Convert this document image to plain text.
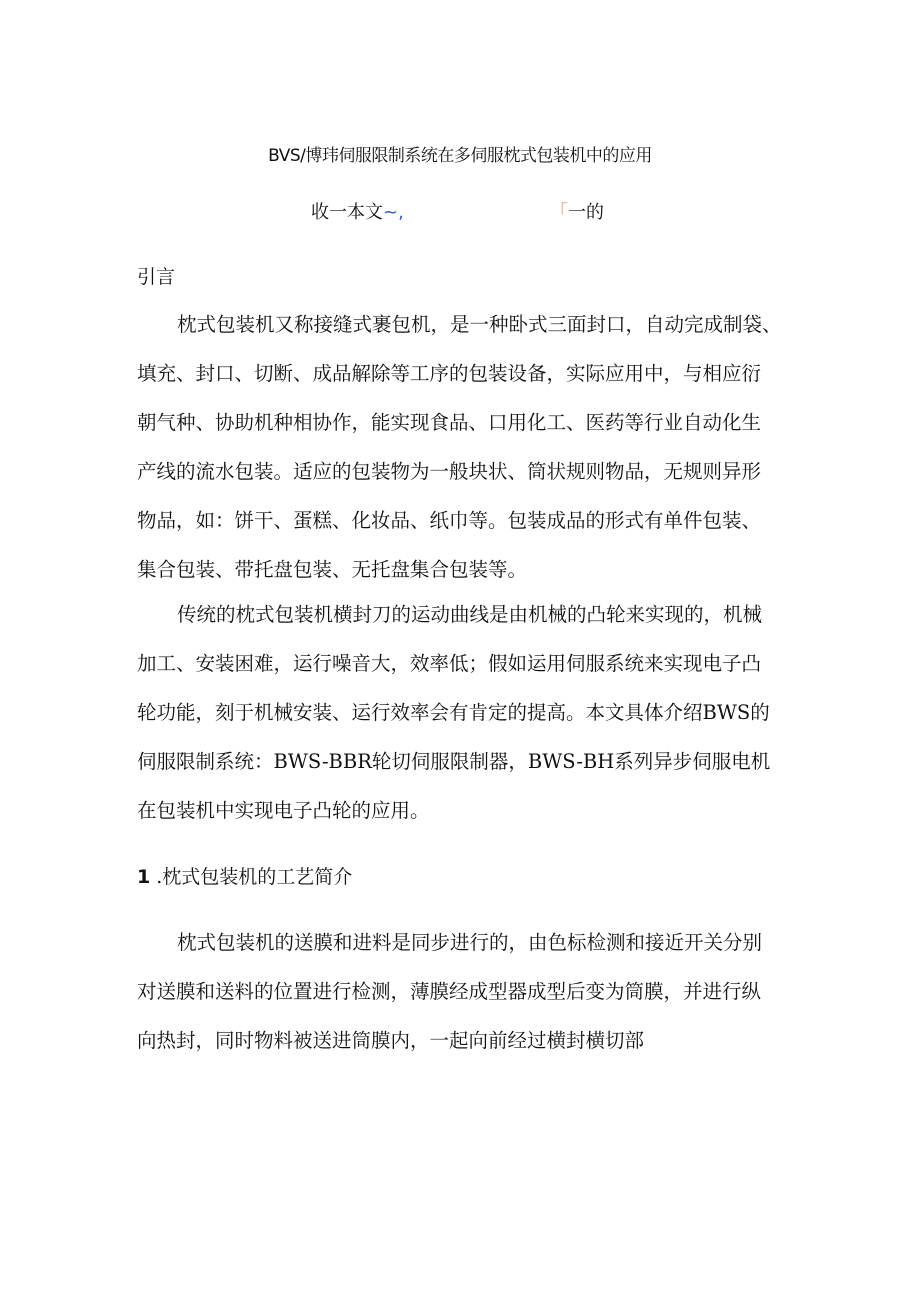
BVS/博玮伺服限制系统在多伺服枕式包装机中的应用
收一本文~,	「一的
引言
枕式包装机又称接缝式裹包机，是一种卧式三面封口，自动完成制袋、
填充、封口、切断、成品解除等工序的包装设备，实际应用中，与相应衍
朝气种、协助机种相协作，能实现食品、口用化工、医药等行业自动化生
产线的流水包装。适应的包装物为一般块状、筒状规则物品，无规则异形
物品，如：饼干、蛋糕、化妆品、纸巾等。包装成品的形式有单件包装、
集合包装、带托盘包装、无托盘集合包装等。
传统的枕式包装机横封刀的运动曲线是由机械的凸轮来实现的，机械
加工、安装困难，运行噪音大，效率低；假如运用伺服系统来实现电子凸
轮功能，刻于机械安装、运行效率会有肯定的提高。本文具体介绍BWS的
伺服限制系统：BWS-BBR轮切伺服限制器，BWS-BH系列异步伺服电机
在包装机中实现电子凸轮的应用。
1 .枕式包装机的工艺简介
枕式包装机的送膜和进料是同步进行的，由色标检测和接近开关分别
对送膜和送料的位置进行检测，薄膜经成型器成型后变为筒膜，并进行纵
向热封，同时物料被送进筒膜内，一起向前经过横封横切部
